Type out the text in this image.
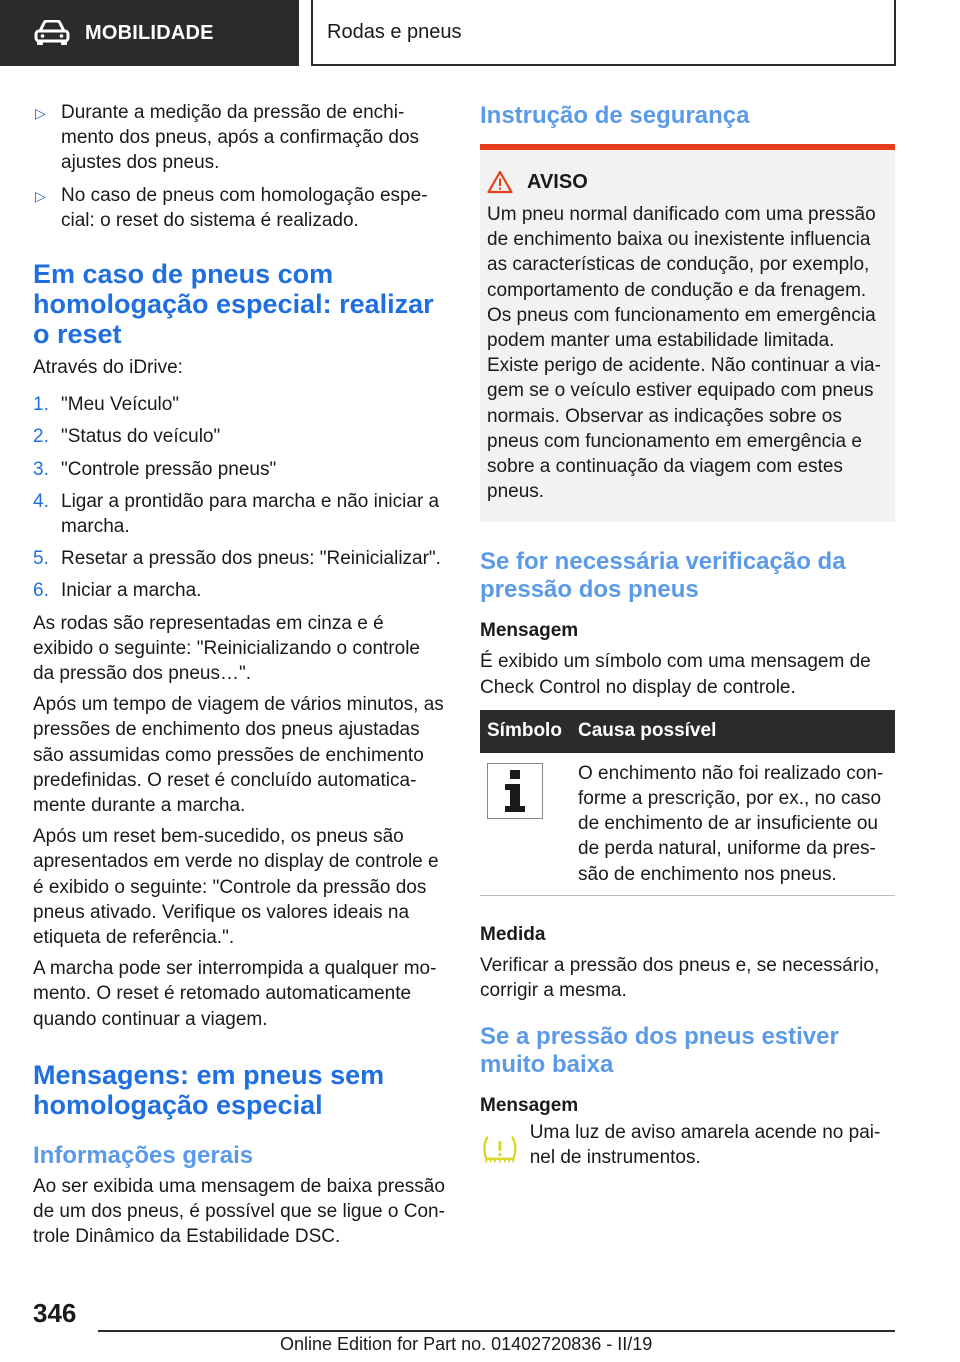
MOBILIDADE	Rodas e pneus
▷ Durante a medição da pressão de enchimento dos pneus, após a confirmação dos ajustes dos pneus.
▷ No caso de pneus com homologação especial: o reset do sistema é realizado.
Em caso de pneus com homologação especial: realizar o reset

Através do iDrive:

1. "Meu Veículo"
2. "Status do veículo"
3. "Controle pressão pneus"
4. Ligar a prontidão para marcha e não iniciar a marcha.
5. Resetar a pressão dos pneus: "Reinicializar".
6. Iniciar a marcha.

As rodas são representadas em cinza e é exibido o seguinte: "Reinicializando o controle da pressão dos pneus…".

Após um tempo de viagem de vários minutos, as pressões de enchimento dos pneus ajustadas são assumidas como pressões de enchimento predefinidas. O reset é concluído automaticamente durante a marcha.

Após um reset bem-sucedido, os pneus são apresentados em verde no display de controle e é exibido o seguinte: "Controle da pressão dos pneus ativado. Verifique os valores ideais na etiqueta de referência.".

A marcha pode ser interrompida a qualquer momento. O reset é retomado automaticamente quando continuar a viagem.

Mensagens: em pneus sem homologação especial
Informações gerais

Ao ser exibida uma mensagem de baixa pressão de um dos pneus, é possível que se ligue o Controle Dinâmico da Estabilidade DSC.

Instrução de segurança
AVISO
Um pneu normal danificado com uma pressão de enchimento baixa ou inexistente influencia as características de condução, por exemplo, comportamento de condução e da frenagem. Os pneus com funcionamento em emergência podem manter uma estabilidade limitada. Existe perigo de acidente. Não continuar a viagem se o veículo estiver equipado com pneus normais. Observar as indicações sobre os pneus com funcionamento em emergência e sobre a continuação da viagem com estes pneus.
Se for necessária verificação da pressão dos pneus
Mensagem

É exibido um símbolo com uma mensagem de Check Control no display de controle.

Símbolo	Causa possível

	O enchimento não foi realizado conforme a prescrição, por ex., no caso de enchimento de ar insuficiente ou de perda natural, uniforme da pressão de enchimento nos pneus.
Medida

Verificar a pressão dos pneus e, se necessário, corrigir a mesma.

Se a pressão dos pneus estiver muito baixa
Mensagem

Uma luz de aviso amarela acende no painel de instrumentos.

346
Online Edition for Part no. 01402720836 - II/19
